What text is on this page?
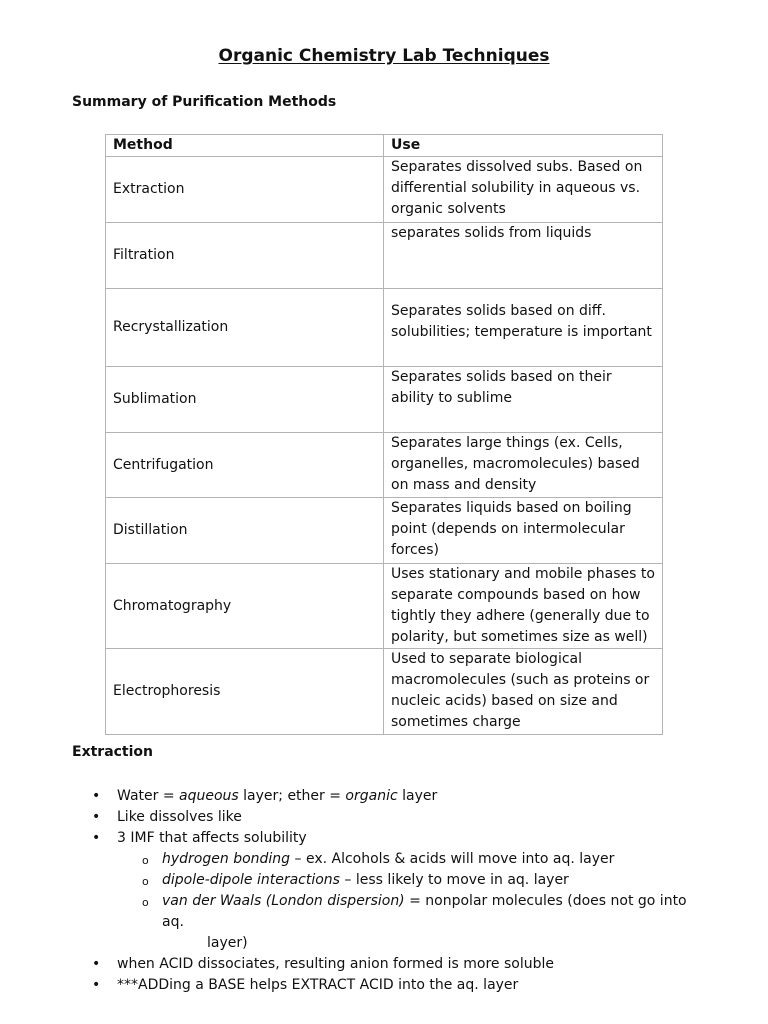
Organic Chemistry Lab Techniques
Summary of Purification Methods
Method	Use
Extraction	Separates dissolved subs. Based on differential solubility in aqueous vs. organic solvents
Filtration	separates solids from liquids
Recrystallization	Separates solids based on diff. solubilities; temperature is important
Sublimation	Separates solids based on their ability to sublime
Centrifugation	Separates large things (ex. Cells, organelles, macromolecules) based on mass and density
Distillation	Separates liquids based on boiling point (depends on intermolecular forces)
Chromatography	Uses stationary and mobile phases to separate compounds based on how tightly they adhere (generally due to polarity, but sometimes size as well)
Electrophoresis	Used to separate biological macromolecules (such as proteins or nucleic acids) based on size and sometimes charge
Extraction
• Water = aqueous layer; ether = organic layer
• Like dissolves like
• 3 IMF that affects solubility
o hydrogen bonding – ex. Alcohols & acids will move into aq. layer
o dipole-dipole interactions – less likely to move in aq. layer
o van der Waals (London dispersion) = nonpolar molecules (does not go into aq.
layer)
• when ACID dissociates, resulting anion formed is more soluble
• ***ADDing a BASE helps EXTRACT ACID into the aq. layer
